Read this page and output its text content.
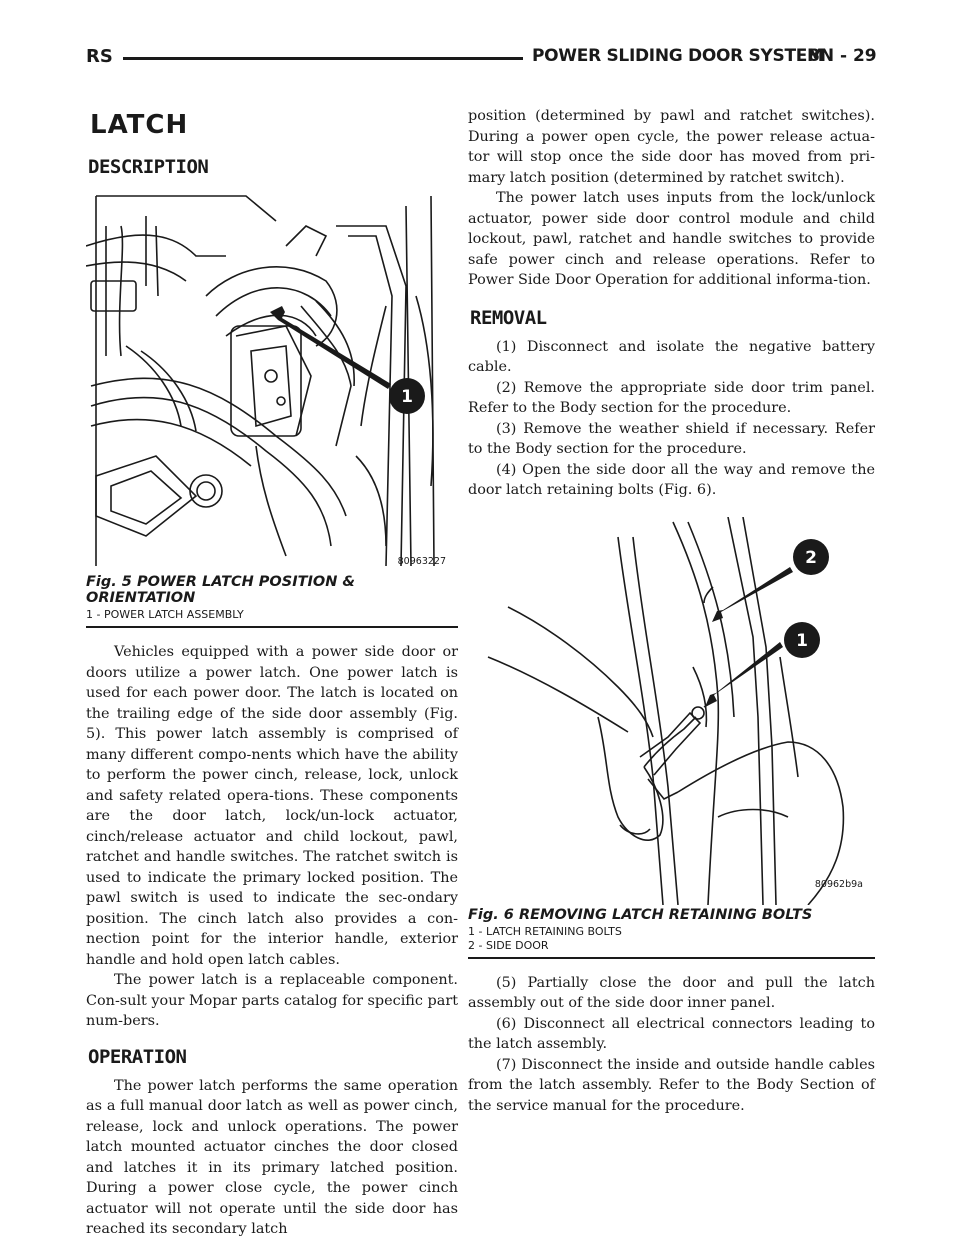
RS	POWER SLIDING DOOR SYSTEM
8N - 29
LATCH
DESCRIPTION
1
80963227
Fig. 5 POWER LATCH POSITION & ORIENTATION
1 - POWER LATCH ASSEMBLY

Vehicles equipped with a power side door or doors utilize a power latch. One power latch is used for each power door. The latch is located on the trailing edge of the side door assembly (Fig. 5). This power latch assembly is comprised of many different compo-nents which have the ability to perform the power cinch, release, lock, unlock and safety related opera-tions. These components are the door latch, lock/un-lock actuator, cinch/release actuator and child lockout, pawl, ratchet and handle switches. The ratchet switch is used to indicate the primary locked position. The pawl switch is used to indicate the sec-ondary position. The cinch latch also provides a con-nection point for the interior handle, exterior handle and hold open latch cables.

The power latch is a replaceable component. Con-sult your Mopar parts catalog for specific part num-bers.

OPERATION

The power latch performs the same operation as a full manual door latch as well as power cinch, release, lock and unlock operations. The power latch mounted actuator cinches the door closed and latches it in its primary latched position. During a power close cycle, the power cinch actuator will not operate until the side door has reached its secondary latch

position (determined by pawl and ratchet switches). During a power open cycle, the power release actua-tor will stop once the side door has moved from pri-mary latch position (determined by ratchet switch).

The power latch uses inputs from the lock/unlock actuator, power side door control module and child lockout, pawl, ratchet and handle switches to provide safe power cinch and release operations. Refer to Power Side Door Operation for additional informa-tion.

REMOVAL

(1) Disconnect and isolate the negative battery cable.

(2) Remove the appropriate side door trim panel. Refer to the Body section for the procedure.

(3) Remove the weather shield if necessary. Refer to the Body section for the procedure.

(4) Open the side door all the way and remove the door latch retaining bolts (Fig. 6).

1
2
80962b9a
Fig. 6 REMOVING LATCH RETAINING BOLTS
1 - LATCH RETAINING BOLTS
2 - SIDE DOOR

(5) Partially close the door and pull the latch assembly out of the side door inner panel.

(6) Disconnect all electrical connectors leading to the latch assembly.

(7) Disconnect the inside and outside handle cables from the latch assembly. Refer to the Body Section of the service manual for the procedure.
